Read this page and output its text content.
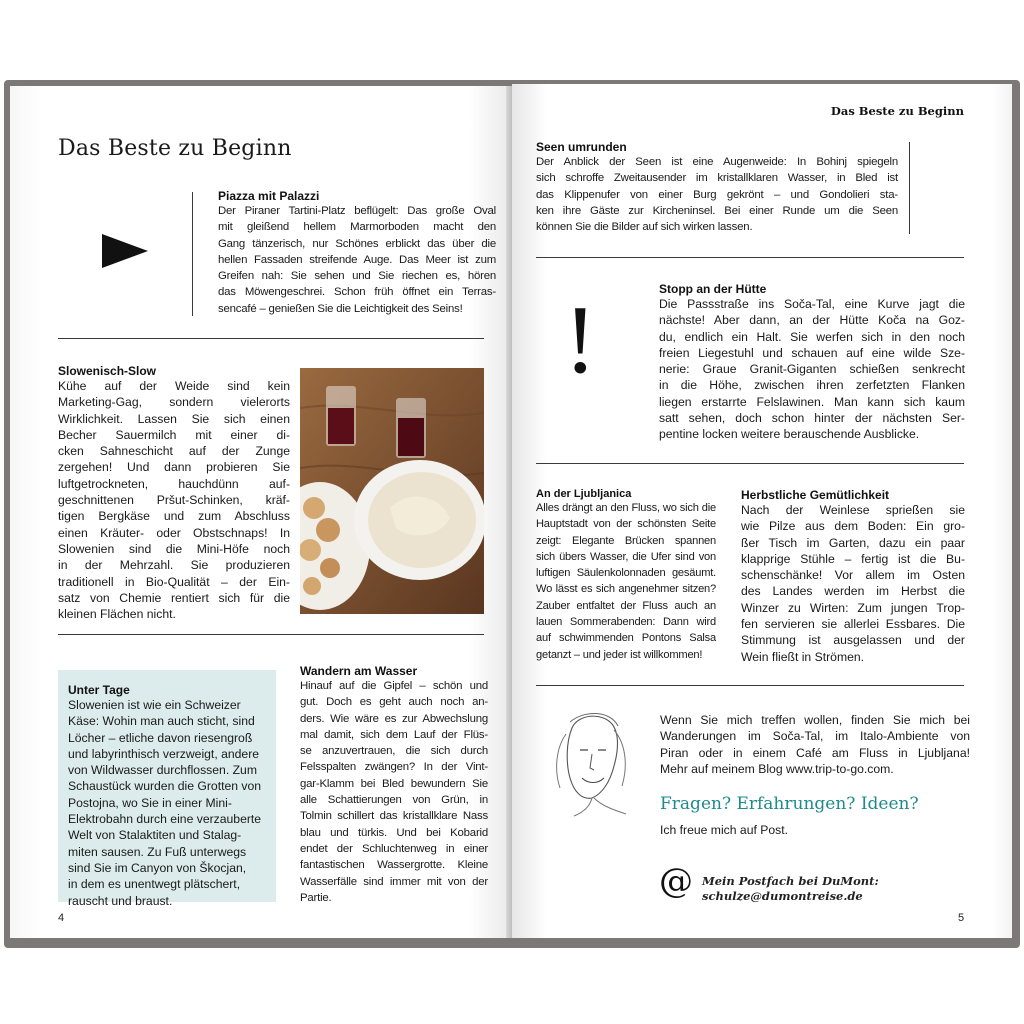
Das Beste zu Beginn
Piazza mit Palazzi
Der Piraner Tartini-Platz beflügelt: Das große Oval
mit gleißend hellem Marmorboden macht den
Gang tänzerisch, nur Schönes erblickt das über die
hellen Fassaden streifende Auge. Das Meer ist zum
Greifen nah: Sie sehen und Sie riechen es, hören
das Möwengeschrei. Schon früh öffnet ein Terras-
sencafé – genießen Sie die Leichtigkeit des Seins!
Slowenisch-Slow
Kühe auf der Weide sind kein
Marketing-Gag, sondern vielerorts
Wirklichkeit. Lassen Sie sich einen
Becher Sauermilch mit einer di-
cken Sahneschicht auf der Zunge
zergehen! Und dann probieren Sie
luftgetrockneten, hauchdünn auf-
geschnittenen Pršut-Schinken, kräf-
tigen Bergkäse und zum Abschluss
einen Kräuter- oder Obstschnaps! In
Slowenien sind die Mini-Höfe noch
in der Mehrzahl. Sie produzieren
traditionell in Bio-Qualität – der Ein-
satz von Chemie rentiert sich für die
kleinen Flächen nicht.
Unter Tage
Slowenien ist wie ein Schweizer
Käse: Wohin man auch sticht, sind
Löcher – etliche davon riesengroß
und labyrinthisch verzweigt, andere
von Wildwasser durchflossen. Zum
Schaustück wurden die Grotten von
Postojna, wo Sie in einer Mini-
Elektrobahn durch eine verzauberte
Welt von Stalaktiten und Stalag-
miten sausen. Zu Fuß unterwegs
sind Sie im Canyon von Škocjan,
in dem es unentwegt plätschert,
rauscht und braust.
Wandern am Wasser
Hinauf auf die Gipfel – schön und
gut. Doch es geht auch noch an-
ders. Wie wäre es zur Abwechslung
mal damit, sich dem Lauf der Flüs-
se anzuvertrauen, die sich durch
Felsspalten zwängen? In der Vint-
gar-Klamm bei Bled bewundern Sie
alle Schattierungen von Grün, in
Tolmin schillert das kristallklare Nass
blau und türkis. Und bei Kobarid
endet der Schluchtenweg in einer
fantastischen Wassergrotte. Kleine
Wasserfälle sind immer mit von der
Partie.
4
Das Beste zu Beginn
Seen umrunden
Der Anblick der Seen ist eine Augenweide: In Bohinj spiegeln
sich schroffe Zweitausender im kristallklaren Wasser, in Bled ist
das Klippenufer von einer Burg gekrönt – und Gondolieri sta-
ken ihre Gäste zur Kircheninsel. Bei einer Runde um die Seen
können Sie die Bilder auf sich wirken lassen.
!	Stopp an der Hütte
Die Passstraße ins Soča-Tal, eine Kurve jagt die
nächste! Aber dann, an der Hütte Koča na Goz-
du, endlich ein Halt. Sie werfen sich in den noch
freien Liegestuhl und schauen auf eine wilde Sze-
nerie: Graue Granit-Giganten schießen senkrecht
in die Höhe, zwischen ihren zerfetzten Flanken
liegen erstarrte Felslawinen. Man kann sich kaum
satt sehen, doch schon hinter der nächsten Ser-
pentine locken weitere berauschende Ausblicke.
An der Ljubljanica
Alles drängt an den Fluss, wo sich die
Hauptstadt von der schönsten Seite
zeigt: Elegante Brücken spannen
sich übers Wasser, die Ufer sind von
luftigen Säulenkolonnaden gesäumt.
Wo lässt es sich angenehmer sitzen?
Zauber entfaltet der Fluss auch an
lauen Sommerabenden: Dann wird
auf schwimmenden Pontons Salsa
getanzt – und jeder ist willkommen!
Herbstliche Gemütlichkeit
Nach der Weinlese sprießen sie
wie Pilze aus dem Boden: Ein gro-
ßer Tisch im Garten, dazu ein paar
klapprige Stühle – fertig ist die Bu-
schenschänke! Vor allem im Osten
des Landes werden im Herbst die
Winzer zu Wirten: Zum jungen Trop-
fen servieren sie allerlei Essbares. Die
Stimmung ist ausgelassen und der
Wein fließt in Strömen.
Wenn Sie mich treffen wollen, finden Sie mich bei
Wanderungen im Soča-Tal, im Italo-Ambiente von
Piran oder in einem Café am Fluss in Ljubljana!
Mehr auf meinem Blog www.trip-to-go.com.
Fragen? Erfahrungen? Ideen?
Ich freue mich auf Post.
@ Mein Postfach bei DuMont:
schulze@dumontreise.de
5
